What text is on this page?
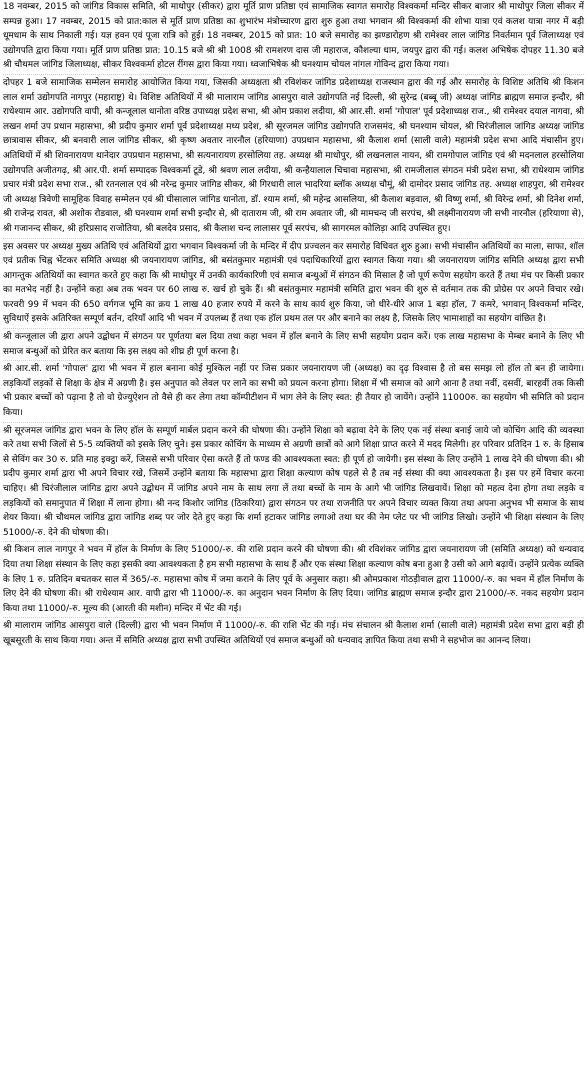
18 नवम्बर, 2015 को जांगिड विकास समिति, श्री माधोपुर (सीकर) द्वारा मूर्ति प्राण प्रतिष्ठा एवं सामाजिक स्वागत समारोह विश्वकर्मा मन्दिर सीकर बाजार श्री माधोपुर जिला सीकर में सम्पन्न हुआ। 17 नवम्बर, 2015 को प्रात:काल से मूर्ति प्राण प्रतिष्ठा का शुभारंभ मंत्रोच्चारण द्वारा शुरु हुआ तथा भगवान श्री विश्वकर्मा की शोभा यात्रा एवं कलश यात्रा नगर में बड़ी धूमधाम के साथ निकाली गई। यज्ञ हवन एवं पूजा रात्रि को हुई। 18 नवम्बर, 2015 को प्रात: 10 बजे समारोह का झण्डारोहण श्री रामेश्वर लाल जांगिड निवर्तमान पूर्व जिलाध्यक्ष एवं उद्योगपति द्वारा किया गया। मूर्ति प्राण प्रतिष्ठा प्रात: 10.15 बजे श्री श्री 1008 श्री रामशरण दास जी महाराज, कौशल्या धाम, जयपुर द्वारा की गई। कलश अभिषेक दोपहर 11.30 बजे श्री चौथमल जांगिड जिलाध्यक्ष, सीकर विश्वकर्मा होटल रींगस द्वारा किया गया। ध्वजाभिषेक श्री घनश्याम चोयल नांगल गोविन्द द्वारा किया गया।

दोपहर 1 बजे सामाजिक सम्मेलन समारोह आयोजित किया गया, जिसकी अध्यक्षता श्री रविशंकर जांगिड प्रदेशाध्यक्ष राजस्थान द्वारा की गई और समारोह के विशिष्ट अतिथि श्री किशन लाल शर्मा उद्योगपति नागपुर (महाराष्ट्र) थे। विशिष्ट अतिथियों में श्री मालाराम जांगिड आसपुरा वाले उद्योगपति नई दिल्ली, श्री सुरेन्द्र (बब्बू जी) अध्यक्ष जांगिड ब्राह्मण समाज इन्दौर, श्री राधेश्याम आर. उद्योगपति वापी, श्री कन्जूलाल धानोता वरिष्ठ उपाध्यक्ष प्रदेश सभा, श्री ओम प्रकाश लदीया, श्री आर.सी. शर्मा 'गोपाल' पूर्व प्रदेशाध्यक्ष राज., श्री रामेश्वर दयाल नागवा, श्री लखन शर्मा उप प्रधान महासभा, श्री प्रदीप कुमार शर्मा पूर्व प्रदेशाध्यक्ष मध्य प्रदेश, श्री सूरजमल जांगिड उद्योगपति राजसमंद, श्री घनश्याम चोयल, श्री चिरंजीलाल जांगिड अध्यक्ष जांगिड छात्रावास सीकर, श्री बनवारी लाल जांगिड सीकर, श्री कृष्ण अवतार नारनौल (हरियाणा) उपप्रधान महासभा, श्री कैलाश शर्मा (साली वाले) महामंत्री प्रदेश सभा आदि मंचासीन हुए। अतिथियों में श्री शिवनारायण थानेदार उपप्रधान महासभा, श्री सत्यनारायण हरसोलिया तह. अध्यक्ष श्री माधोपुर, श्री लखनलाल नायन, श्री रामगोपाल जांगिड एवं श्री मदनलाल हरसोलिया उद्योगपति अजीतगढ़, श्री आर.पी. शर्मा सम्पादक विश्वकर्मा टूडे, श्री श्रवण लाल लदीया, श्री कन्हैयालाल चिचावा महासभा, श्री रामजीलाल संगठन मंत्री प्रदेश सभा, श्री राधेश्याम जांगिड प्रचार मंत्री प्रदेश सभा राज., श्री रतनलाल एवं श्री नरेन्द्र कुमार जांगिड सीकर, श्री गिरधारी लाल भादरिया ब्लॉक अध्यक्ष चौमूं, श्री दामोदर प्रसाद जांगिड तह. अध्यक्ष शाहपुरा, श्री रामेश्वर जी अध्यक्ष त्रिवेणी सामूहिक विवाह सम्मेलन एवं श्री घीसालाल जांगिड धानोता, डॉ. श्याम शर्मा, श्री महेन्द्र आसलिया, श्री कैलाश बड़वाल, श्री विष्णु शर्मा, श्री विरेन्द्र शर्मा, श्री दिनेश शर्मा, श्री राजेन्द्र रावत, श्री अशोक रोडवाल, श्री घनश्याम शर्मा सभी इन्दौर से, श्री दाताराम जी, श्री राम अवतार जी, श्री मामचन्द जी सरपंच, श्री लक्ष्मीनारायण जी सभी नारनौल (हरियाणा से), श्री गजानन्द सीकर, श्री हरिप्रसाद राजोतिया, श्री बलदेव प्रसाद, श्री कैलाश चन्द लालासर पूर्व सरपंच, श्री सागरमल कोलिड़ा आदि उपस्थित हुए।

इस अवसर पर अध्यक्ष मुख्य अतिथि एवं अतिथियों द्वारा भगवान विश्वकर्मा जी के मन्दिर में दीप प्रज्वलन कर समारोह विधिवत शुरु हुआ। सभी मंचासीन अतिथियों का माला, साफा, शॉल एवं प्रतीक चिह्न भेंटकर समिति अध्यक्ष श्री जयनारायण जांगिड, श्री बसंतकुमार महामंत्री एवं पदाधिकारियों द्वारा स्वागत किया गया। श्री जयनारायण जांगिड समिति अध्यक्ष द्वारा सभी आगन्तुक अतिथियों का स्वागत करते हुए कहा कि श्री माधोपुर में उनकी कार्यकारिणी एवं समाज बन्धुओं में संगठन की मिसाल है जो पूर्ण रूपेण सहयोग करते हैं तथा मंच पर किसी प्रकार का मतभेद नहीं है। उन्होंने कहा अब तक भवन पर 60 लाख रु. खर्च हो चुके हैं। श्री बसंतकुमार महामंत्री समिति द्वारा भवन की शुरु से वर्तमान तक की प्रोग्रेस पर अपने विचार रखे। फरवरी 99 में भवन की 650 वर्गगज भूमि का क्रय 1 लाख 40 हजार रुपये में करने के साथ कार्य शुरु किया, जो धीरे-धीरे आज 1 बड़ा हॉल, 7 कमरे, भगवान् विश्वकर्मा मन्दिर, सुविधाऐं इसके अतिरिक्त सम्पूर्ण बर्तन, दरियाँ आदि भी भवन में उपलब्ध हैं तथा एक हॉल प्रथम तल पर और बनाने का लक्ष्य है, जिसके लिए भामाशाहों का सहयोग वांछित है।

श्री कन्जूलाल जी द्वारा अपने उद्बोधन में संगठन पर पूर्णतया बल दिया तथा कहा भवन में हॉल बनाने के लिए सभी सहयोग प्रदान करें। एक लाख महासभा के मेम्बर बनाने के लिए भी समाज बन्धुओं को प्रेरित कर बताया कि इस लक्ष्य को शीघ्र ही पूर्ण करना है।

श्री आर.सी. शर्मा 'गोपाल' द्वारा भी भवन में हाल बनाना कोई मुश्किल नहीं पर जिस प्रकार जयनारायण जी (अध्यक्ष) का दृढ़ विश्वास है तो बस समझ लो हॉल तो बन ही जायेगा। लड़कियाँ लड़कों से शिक्षा के क्षेत्र में अग्रणी है। इस अनुपात को लेवल पर लाने का सभी को प्रयत्न करना होगा। शिक्षा में भी समाज को आगे आना है तथा नवीं, दसवीं, बारहवीं तक किसी भी प्रकार बच्चों को पढ़ाना है तो वो ग्रेज्युऐशन तो वैसे ही कर लेगा तथा कॉम्पीटीशन में भाग लेने के लिए स्वत: ही तैयार हो जायेंगे। उन्होंने 11000रु. का सहयोग भी समिति को प्रदान किया।

श्री सूरजमल जांगिड द्वारा भवन के लिए हॉल के सम्पूर्ण मार्बल प्रदान करने की घोषणा की। उन्होंने शिक्षा को बढ़ावा देने के लिए एक नई संस्था बनाई जाये जो कोचिंग आदि की व्यवस्था करे तथा सभी जिलों से 5-5 व्यक्तियों को इसके लिए चुने। इस प्रकार कोचिंग के माध्यम से अग्रणी छात्रों को आगे शिक्षा प्राप्त करने में मदद मिलेगी। हर परिवार प्रतिदिन 1 रु. के हिसाब से सेविंग कर 30 रु. प्रति माह इक्ट्ठा करें, जिससे सभी परिवार ऐसा करते हैं तो फण्ड की आवश्यकता स्वत: ही पूर्ण हो जायेगी। इस संस्था के लिए उन्होंने 1 लाख देने की घोषणा की। श्री प्रदीप कुमार शर्मा द्वारा भी अपने विचार रखे, जिसमें उन्होंने बताया कि महासभा द्वारा शिक्षा कल्याण कोष पहले से है तब नई संस्था की क्या आवश्यकता है। इस पर हमें विचार करना चाहिए। श्री चिरंजीलाल जांगिड द्वारा अपने उद्बोधन में जांगिड अपने नाम के साथ लगा लें तथा बच्चों के नाम के आगे भी जांगिड लिखवायें। शिक्षा को महत्व देना होगा तथा लड़के व लड़कियों को समानुपात में शिक्षा में लाना होगा। श्री नन्द किशोर जांगिड (ठिकरिया) द्वारा संगठन पर तथा राजनीति पर अपने विचार व्यक्त किया तथा अपना अनुभव भी समाज के साथ शेयर किया। श्री चौथमल जांगिड द्वारा जांगिड शब्द पर जोर देते हुए कहा कि शर्मा हटाकर जांगिड लगाओ तथा घर की नेम प्लेट पर भी जांगिड लिखो। उन्होंने भी शिक्षा संस्थान के लिए 51000/-रु. देने की घोषणा की।

श्री किशन लाल नागपुर ने भवन में हॉल के निर्माण के लिए 51000/-रु. की राशि प्रदान करने की घोषणा की। श्री रविशंकर जांगिड द्वारा जयनारायण जी (समिति अध्यक्ष) को धन्यवाद दिया तथा शिक्षा संस्थान के लिए कहा इसकी क्या आवश्यकता है हम सभी महासभा के साथ हैं और एक संस्था शिक्षा कल्याण कोष बना हुआ है उसी को आगे बढ़ायें। उन्होंने प्रत्येक व्यक्ति के लिए 1 रु. प्रतिदिन बचतकर साल में 365/-रु. महासभा कोष में जमा कराने के लिए पूर्व के अनुसार कहा। श्री ओमप्रकाश गोठड़ीवाल द्वारा 11000/-रु. का भवन में हॉल निर्माण के लिए देने की घोषणा की। श्री राधेश्याम आर. वापी द्वारा भी 11000/-रु. का अनुदान भवन निर्माण के लिए दिया। जांगिड ब्राह्मण समाज इन्दौर द्वारा 21000/-रु. नकद सहयोग प्रदान किया तथा 11000/-रु. मूल्य की (आरती की मशीन) मन्दिर में भेंट की गई।

श्री मालाराम जांगिड आसपुरा वाले (दिल्ली) द्वारा भी भवन निर्माण में 11000/-रु. की राशि भेंट की गई। मंच संचालन श्री कैलाश शर्मा (साली वाले) महामंत्री प्रदेश सभा द्वारा बड़ी ही खूबसूरती के साथ किया गया। अन्त में समिति अध्यक्ष द्वारा सभी उपस्थित अतिथियों एवं समाज बन्धुओं को धन्यवाद ज्ञापित किया तथा सभी ने सहभोज का आनन्द लिया।
